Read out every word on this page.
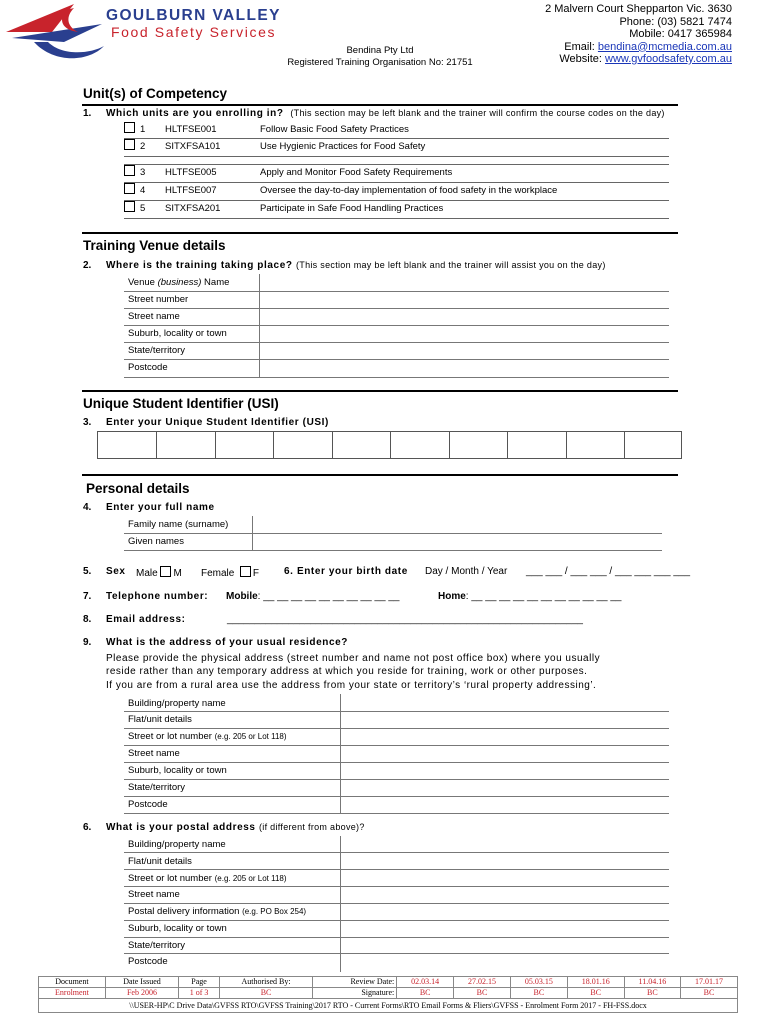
GOULBURN VALLEY
Food Safety Services
Bendina Pty Ltd
Registered Training Organisation No: 21751
2 Malvern Court Shepparton Vic. 3630
Phone: (03) 5821 7474
Mobile: 0417 365984
Email: bendina@mcmedia.com.au
Website: www.gvfoodsafety.com.au
Unit(s) of Competency
1. Which units are you enrolling in? (This section may be left blank and the trainer will confirm the course codes on the day)
1 HLTFSE001	Follow Basic Food Safety Practices
2 SITXFSA101	Use Hygienic Practices for Food Safety
3 HLTFSE005	Apply and Monitor Food Safety Requirements
4 HLTFSE007	Oversee the day-to-day implementation of food safety in the workplace
5 SITXFSA201	Participate in Safe Food Handling Practices
Training Venue details
2. Where is the training taking place? (This section may be left blank and the trainer will assist you on the day)
Venue (business) Name
Street number
Street name
Suburb, locality or town
State/territory
Postcode
Unique Student Identifier (USI)
3. Enter your Unique Student Identifier (USI)
Personal details
4. Enter your full name
Family name (surname)
Given names
5. Sex Male M Female F 6. Enter your birth date Day / Month / Year ___ ___ / ___ ___ / ___ ___ ___ ___
7. Telephone number: Mobile: __ __ __ __ __ __ __ __ __ __	Home: __ __ __ __ __ __ __ __ __ __ __
8. Email address:	________________________________________________________________
9. What is the address of your usual residence?
Please provide the physical address (street number and name not post office box) where you usually
reside rather than any temporary address at which you reside for training, work or other purposes.
If you are from a rural area use the address from your state or territory’s ‘rural property addressing’.
Building/property name
Flat/unit details
Street or lot number (e.g. 205 or Lot 118)
Street name
Suburb, locality or town
State/territory
Postcode
6. What is your postal address (if different from above)?
Building/property name
Flat/unit details
Street or lot number (e.g. 205 or Lot 118)
Street name
Postal delivery information (e.g. PO Box 254)
Suburb, locality or town
State/territory
Postcode
Document	Date Issued	Page	Authorised By:	Review Date:	02.03.14	27.02.15	05.03.15	18.01.16	11.04.16	17.01.17
Enrolment	Feb 2006	1 of 3	BC	Signature:	BC	BC	BC	BC	BC	BC
\\USER-HP\C Drive Data\GVFSS RTO\GVFSS Training\2017 RTO - Current Forms\RTO Email Forms & Fliers\GVFSS - Enrolment Form 2017 - FH-FSS.docx
